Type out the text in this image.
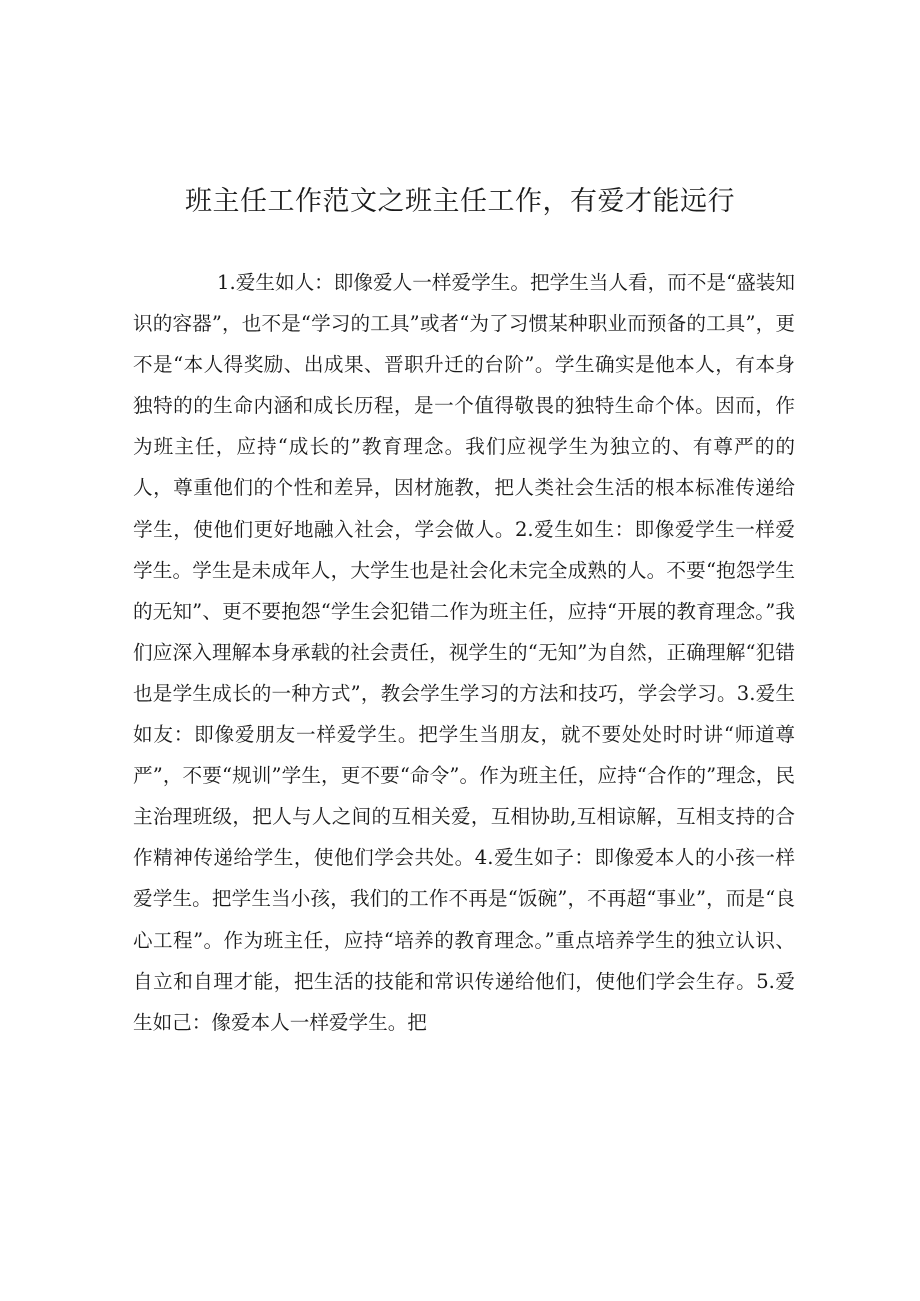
班主任工作范文之班主任工作，有爱才能远行

1.爱生如人：即像爱人一样爱学生。把学生当人看，而不是“盛装知识的容器”，也不是“学习的工具”或者“为了习惯某种职业而预备的工具”，更不是“本人得奖励、出成果、晋职升迁的台阶”。学生确实是他本人，有本身独特的的生命内涵和成长历程，是一个值得敬畏的独特生命个体。因而，作为班主任，应持“成长的”教育理念。我们应视学生为独立的、有尊严的的人，尊重他们的个性和差异，因材施教，把人类社会生活的根本标准传递给学生，使他们更好地融入社会，学会做人。2.爱生如生：即像爱学生一样爱学生。学生是未成年人，大学生也是社会化未完全成熟的人。不要“抱怨学生的无知”、更不要抱怨“学生会犯错二作为班主任，应持“开展的教育理念。”我们应深入理解本身承载的社会责任，视学生的“无知”为自然，正确理解“犯错也是学生成长的一种方式”，教会学生学习的方法和技巧，学会学习。3.爱生如友：即像爱朋友一样爱学生。把学生当朋友，就不要处处时时讲“师道尊严”，不要“规训”学生，更不要“命令”。作为班主任，应持“合作的”理念，民主治理班级，把人与人之间的互相关爱，互相协助,互相谅解，互相支持的合作精神传递给学生，使他们学会共处。4.爱生如子：即像爱本人的小孩一样爱学生。把学生当小孩，我们的工作不再是“饭碗”，不再超“事业”，而是“良心工程”。作为班主任，应持“培养的教育理念。”重点培养学生的独立认识、自立和自理才能，把生活的技能和常识传递给他们，使他们学会生存。5.爱生如己：像爱本人一样爱学生。把
